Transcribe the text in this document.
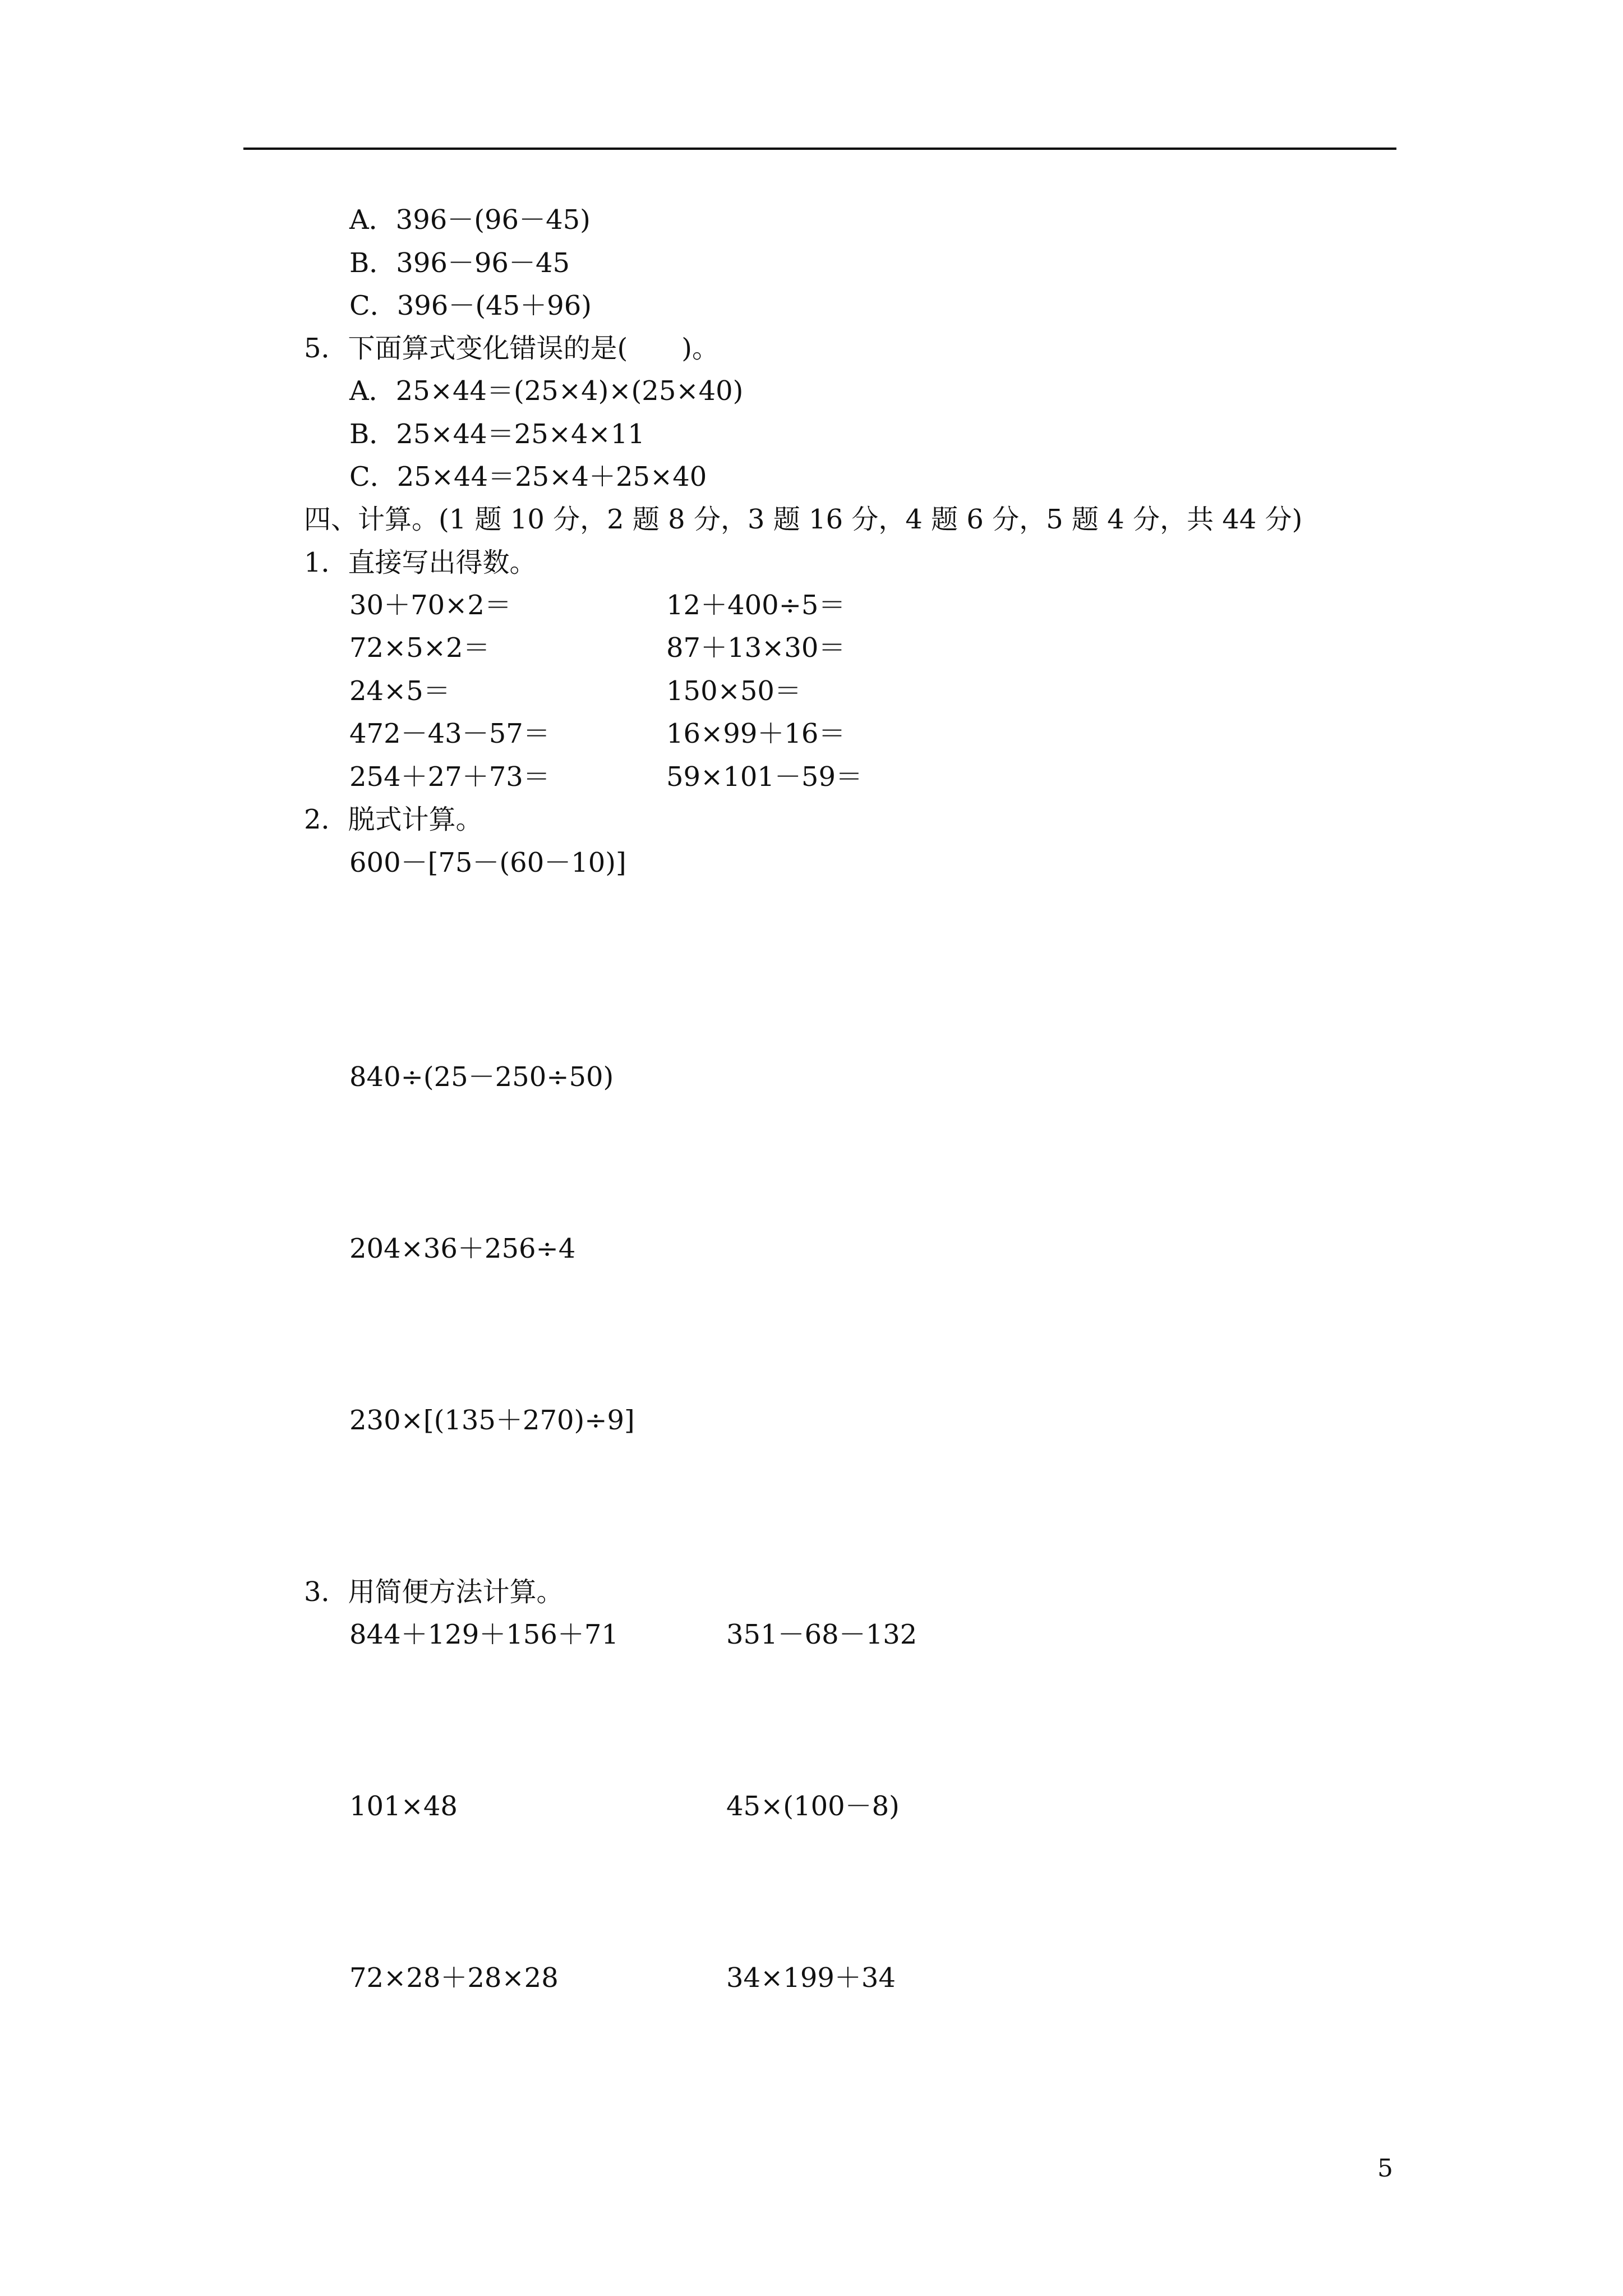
A．396－(96－45)
B．396－96－45
C．396－(45＋96)
5．下面算式变化错误的是(　　)。
A．25×44＝(25×4)×(25×40)
B．25×44＝25×4×11
C．25×44＝25×4＋25×40
四、计算。(1 题 10 分，2 题 8 分，3 题 16 分，4 题 6 分，5 题 4 分，共 44 分)
1．直接写出得数。
30＋70×2＝	12＋400÷5＝
72×5×2＝	87＋13×30＝
24×5＝	150×50＝
472－43－57＝	16×99＋16＝
254＋27＋73＝	59×101－59＝
2．脱式计算。
600－[75－(60－10)]
840÷(25－250÷50)
204×36＋256÷4
230×[(135＋270)÷9]
3．用简便方法计算。
844＋129＋156＋71	351－68－132
101×48	45×(100－8)
72×28＋28×28	34×199＋34
5
